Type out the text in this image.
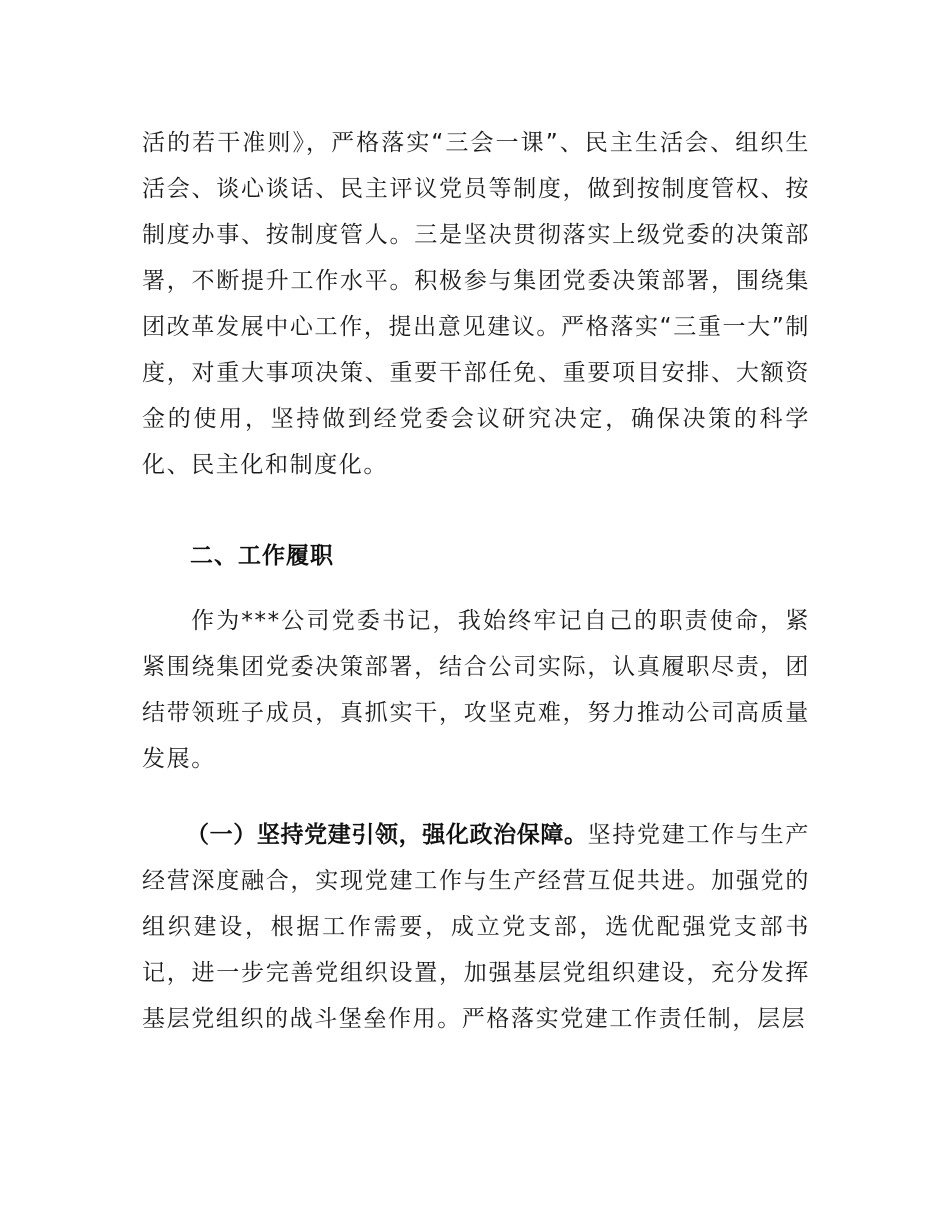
活的若干准则》，严格落实“三会一课”、民主生活会、组织生活会、谈心谈话、民主评议党员等制度，做到按制度管权、按制度办事、按制度管人。三是坚决贯彻落实上级党委的决策部署，不断提升工作水平。积极参与集团党委决策部署，围绕集团改革发展中心工作，提出意见建议。严格落实“三重一大”制度，对重大事项决策、重要干部任免、重要项目安排、大额资金的使用，坚持做到经党委会议研究决定，确保决策的科学化、民主化和制度化。
二、工作履职
作为***公司党委书记，我始终牢记自己的职责使命，紧紧围绕集团党委决策部署，结合公司实际，认真履职尽责，团结带领班子成员，真抓实干，攻坚克难，努力推动公司高质量发展。
（一）坚持党建引领，强化政治保障。坚持党建工作与生产经营深度融合，实现党建工作与生产经营互促共进。加强党的组织建设，根据工作需要，成立党支部，选优配强党支部书记，进一步完善党组织设置，加强基层党组织建设，充分发挥基层党组织的战斗堡垒作用。严格落实党建工作责任制，层层
